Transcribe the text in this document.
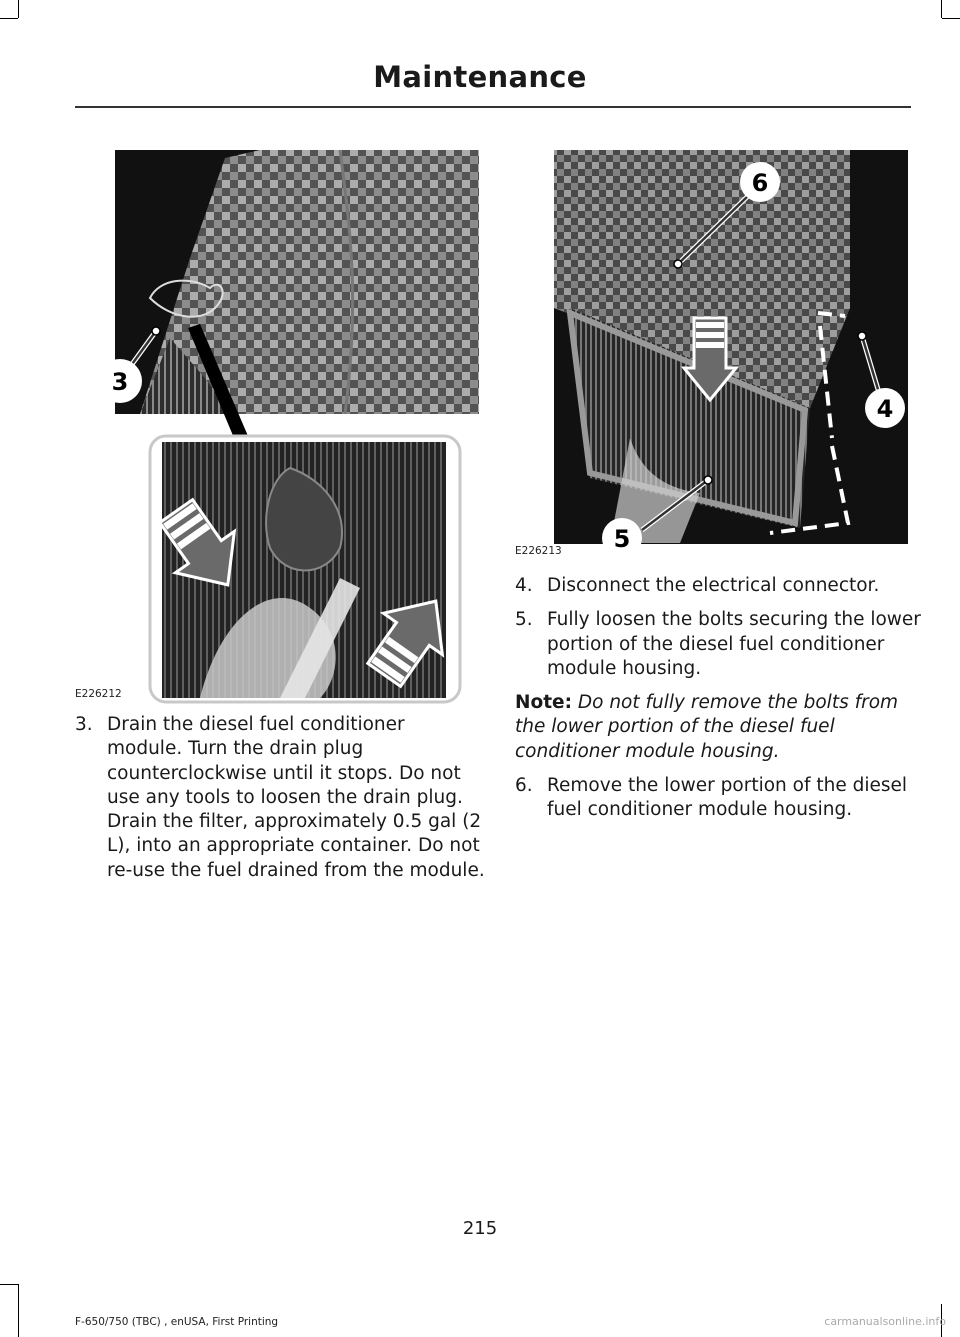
Maintenance
3
E226212
6
4
5
E226213
3. Drain the diesel fuel conditioner module. Turn the drain plug counterclockwise until it stops. Do not use any tools to loosen the drain plug. Drain the filter, approximately 0.5 gal (2 L), into an appropriate container. Do not re-use the fuel drained from the module.
4. Disconnect the electrical connector.
5. Fully loosen the bolts securing the lower portion of the diesel fuel conditioner module housing.
Note: Do not fully remove the bolts from the lower portion of the diesel fuel conditioner module housing.
6. Remove the lower portion of the diesel fuel conditioner module housing.
215
F-650/750 (TBC) , enUSA, First Printing	carmanualsonline.info
